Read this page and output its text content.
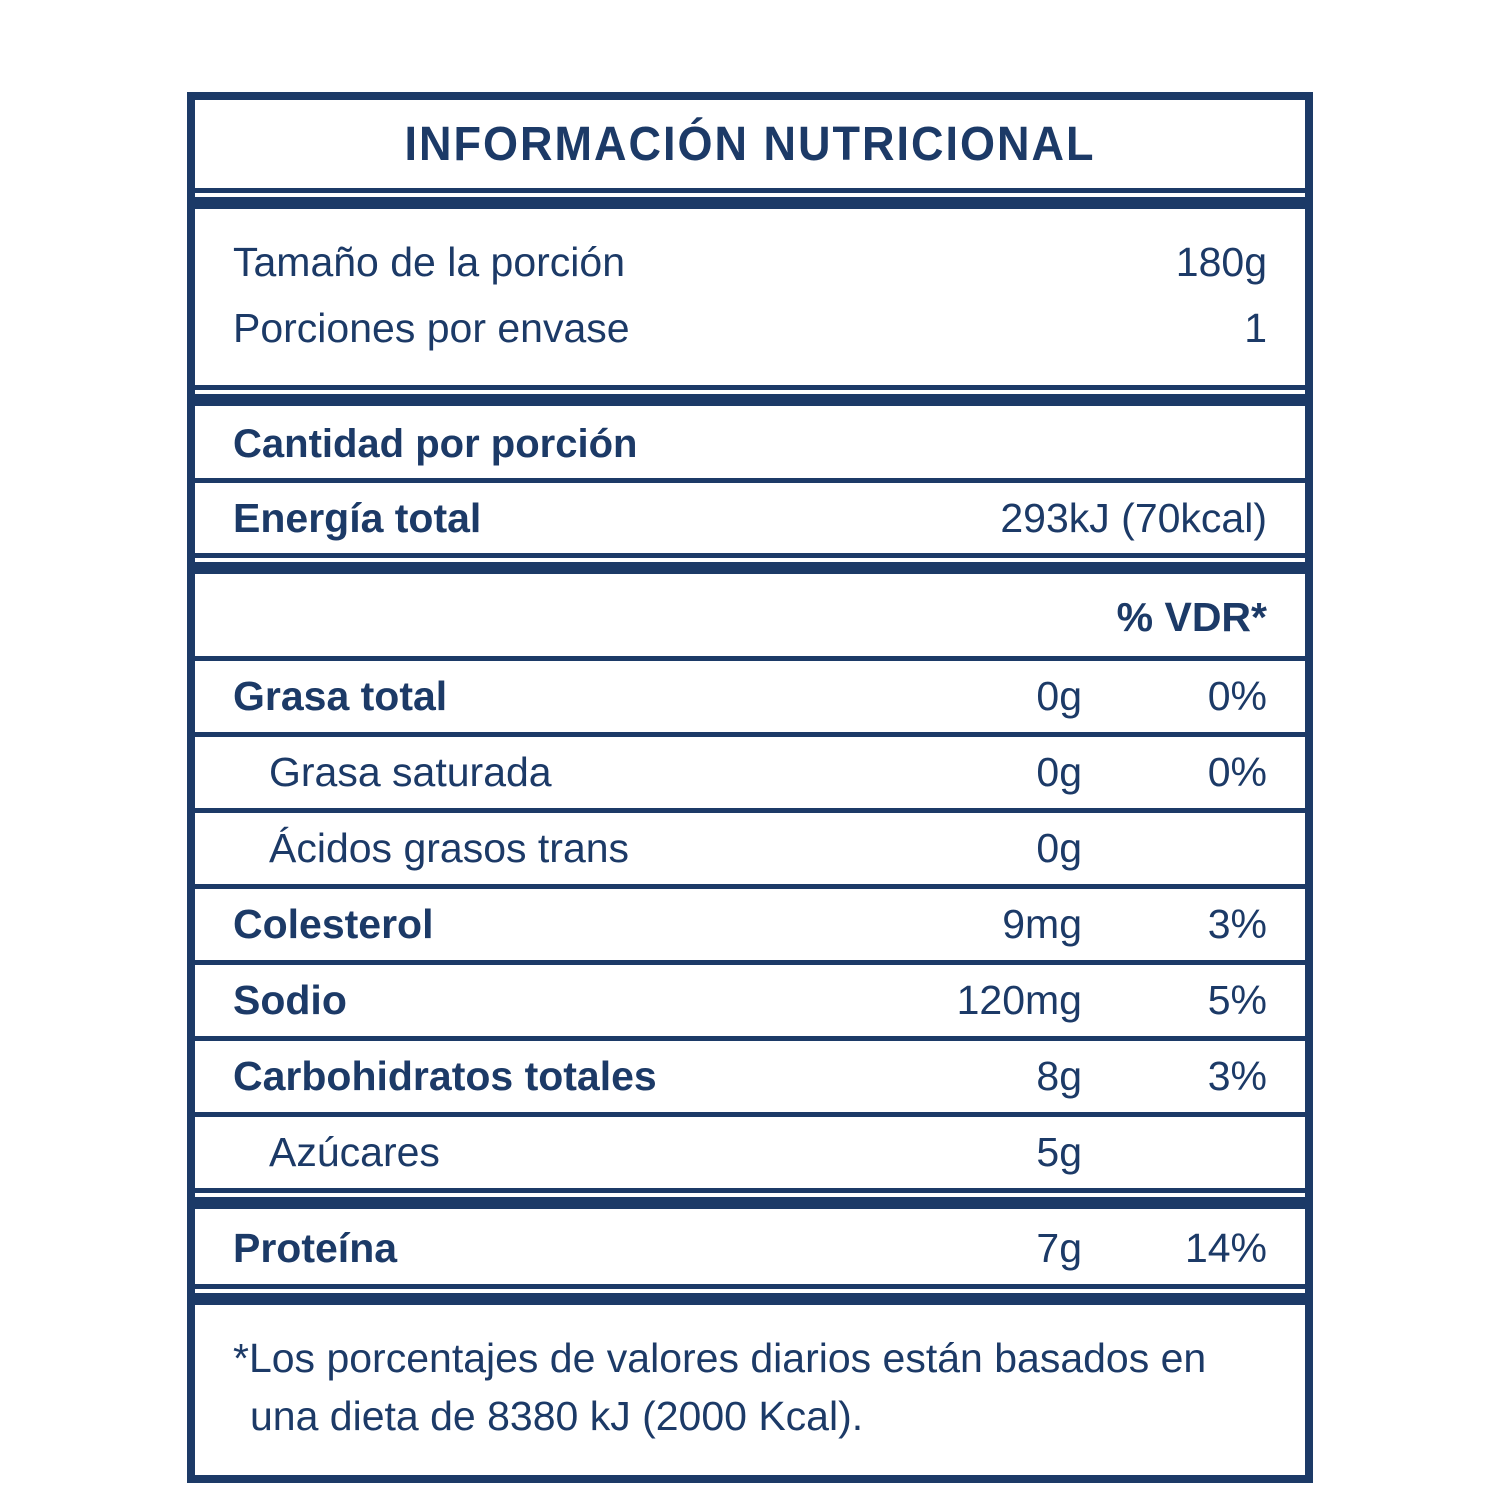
INFORMACIÓN NUTRICIONAL
Tamaño de la porción	180g
Porciones por envase	1
Cantidad por porción
Energía total	293kJ (70kcal)
% VDR*
Grasa total	0g	0%
Grasa saturada	0g	0%
Ácidos grasos trans	0g
Colesterol	9mg	3%
Sodio	120mg	5%
Carbohidratos totales	8g	3%
Azúcares	5g
Proteína	7g	14%
*Los porcentajes de valores diarios están basados en una dieta de 8380 kJ (2000 Kcal).
